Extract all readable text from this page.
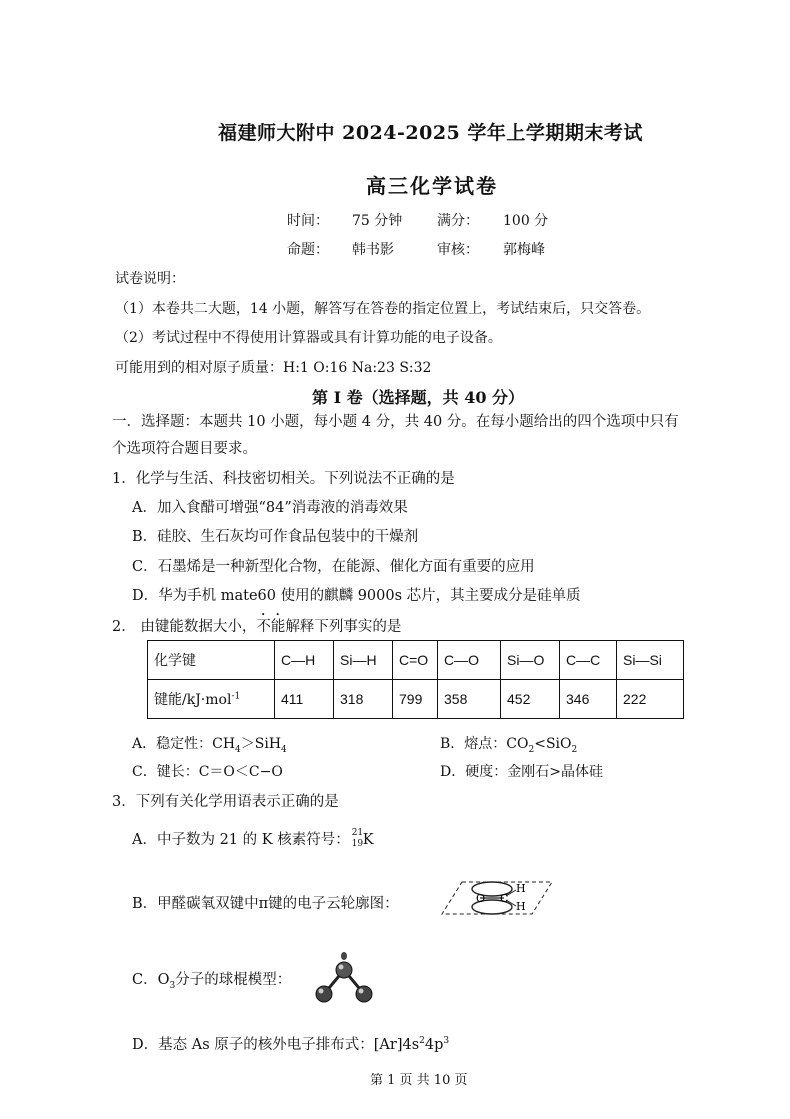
福建师大附中 2024-2025 学年上学期期末考试
高三化学试卷
时间： 75 分钟 满分： 100 分
命题： 韩书影	审核： 郭梅峰
试卷说明：
（1）本卷共二大题，14 小题，解答写在答卷的指定位置上，考试结束后，只交答卷。
（2）考试过程中不得使用计算器或具有计算功能的电子设备。
可能用到的相对原子质量：H:1 O:16 Na:23 S:32
第 I 卷（选择题，共 40 分）
一．选择题：本题共 10 小题，每小题 4 分，共 40 分。在每小题给出的四个选项中只有
个选项符合题目要求。
1．化学与生活、科技密切相关。下列说法不正确的是
A．加入食醋可增强“84”消毒液的消毒效果
B．硅胶、生石灰均可作食品包装中的干燥剂
C．石墨烯是一种新型化合物，在能源、催化方面有重要的应用
D．华为手机 mate60 使用的麒麟 9000s 芯片，其主要成分是硅单质
2． 由键能数据大小，不能解释下列事实的是
化学键	C—H	Si—H	C=O	C—O	Si—O	C—C	Si—Si
键能/kJ·mol$^{-1}$	411	318	799	358	452	346	222
A．稳定性：$CH_4>SiH_4$	B．熔点：$CO_2<SiO_2$
C．键长：C＝O＜C−O	D．硬度：金刚石>晶体硅
3．下列有关化学用语表示正确的是
A．中子数为 21 的 K 核素符号： 21
19 K
B．甲醛碳氧双键中π键的电子云轮廓图：	O C
H
H
C．$O_3$分子的球棍模型：
D．基态 As 原子的核外电子排布式：$[Ar]4s^24p^3$
第 1 页 共 10 页
